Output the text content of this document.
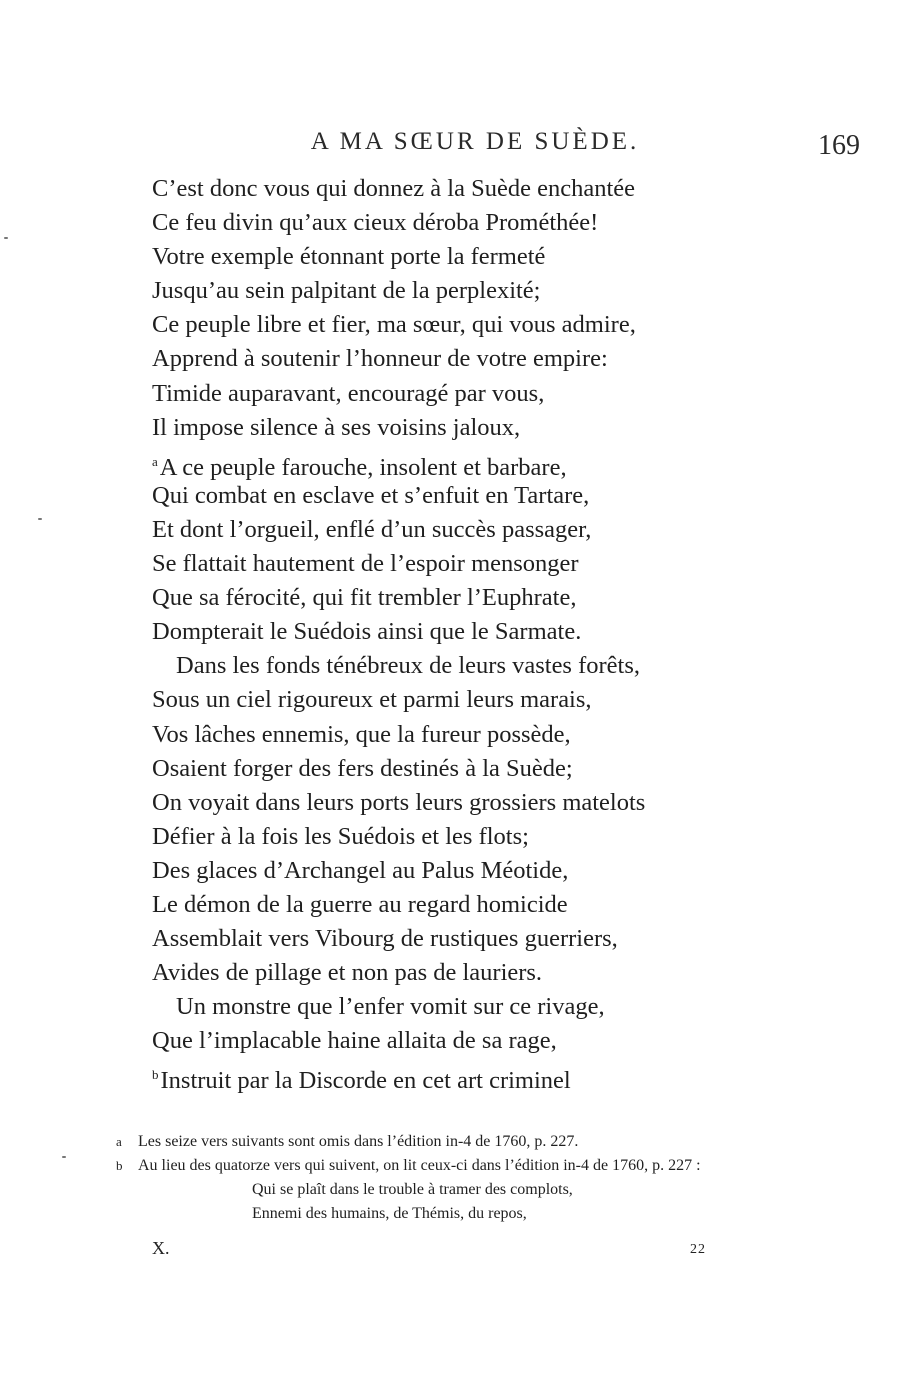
A MA SŒUR DE SUÈDE.	169
C’est donc vous qui donnez à la Suède enchantée
Ce feu divin qu’aux cieux déroba Prométhée!
Votre exemple étonnant porte la fermeté
Jusqu’au sein palpitant de la perplexité;
Ce peuple libre et fier, ma sœur, qui vous admire,
Apprend à soutenir l’honneur de votre empire:
Timide auparavant, encouragé par vous,
Il impose silence à ses voisins jaloux,
$^a$A ce peuple farouche, insolent et barbare,
Qui combat en esclave et s’enfuit en Tartare,
Et dont l’orgueil, enflé d’un succès passager,
Se flattait hautement de l’espoir mensonger
Que sa férocité, qui fit trembler l’Euphrate,
Dompterait le Suédois ainsi que le Sarmate.
Dans les fonds ténébreux de leurs vastes forêts,
Sous un ciel rigoureux et parmi leurs marais,
Vos lâches ennemis, que la fureur possède,
Osaient forger des fers destinés à la Suède;
On voyait dans leurs ports leurs grossiers matelots
Défier à la fois les Suédois et les flots;
Des glaces d’Archangel au Palus Méotide,
Le démon de la guerre au regard homicide
Assemblait vers Vibourg de rustiques guerriers,
Avides de pillage et non pas de lauriers.
Un monstre que l’enfer vomit sur ce rivage,
Que l’implacable haine allaita de sa rage,
$^b$Instruit par la Discorde en cet art criminel
a Les seize vers suivants sont omis dans l’édition in-4 de 1760, p. 227.
b Au lieu des quatorze vers qui suivent, on lit ceux-ci dans l’édition in-4 de 1760, p. 227 :
Qui se plaît dans le trouble à tramer des complots,
Ennemi des humains, de Thémis, du repos,
X.	22
